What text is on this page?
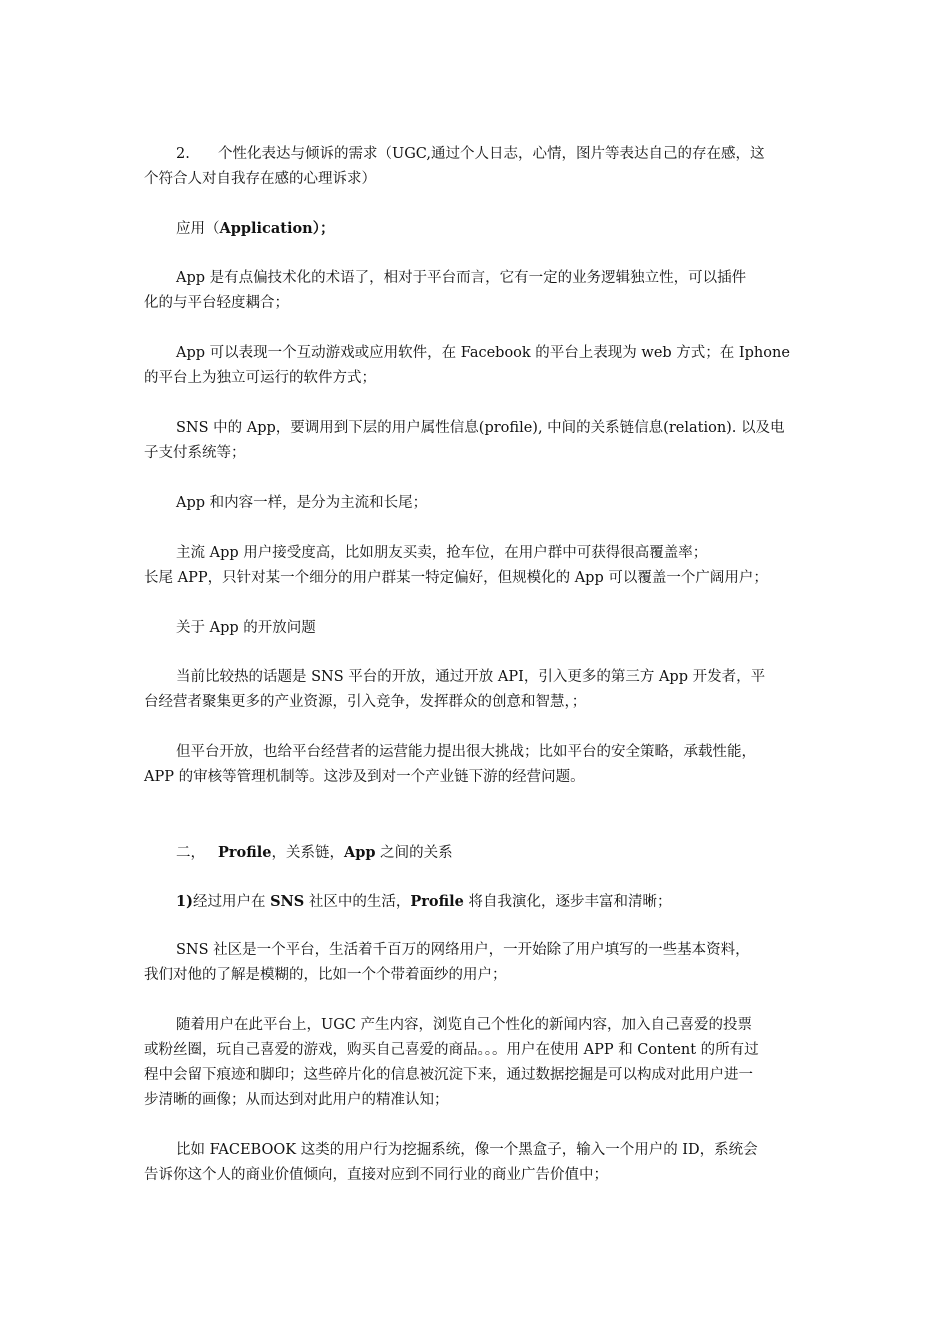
2. 个性化表达与倾诉的需求（UGC,通过个人日志，心情，图片等表达自己的存在感，这
个符合人对自我存在感的心理诉求）
应用（Application）；
App 是有点偏技术化的术语了，相对于平台而言，它有一定的业务逻辑独立性，可以插件
化的与平台轻度耦合；
App 可以表现一个互动游戏或应用软件，在 Facebook 的平台上表现为 web 方式；在 Iphone
的平台上为独立可运行的软件方式；
SNS 中的 App，要调用到下层的用户属性信息(profile), 中间的关系链信息(relation). 以及电
子支付系统等；
App 和内容一样，是分为主流和长尾；
主流 App 用户接受度高，比如朋友买卖，抢车位，在用户群中可获得很高覆盖率；
长尾 APP，只针对某一个细分的用户群某一特定偏好，但规模化的 App 可以覆盖一个广阔用户；
关于 App 的开放问题
当前比较热的话题是 SNS 平台的开放，通过开放 API，引入更多的第三方 App 开发者，平
台经营者聚集更多的产业资源，引入竞争，发挥群众的创意和智慧，；
但平台开放，也给平台经营者的运营能力提出很大挑战；比如平台的安全策略，承载性能，
APP 的审核等管理机制等。这涉及到对一个产业链下游的经营问题。
二， Profile，关系链，App 之间的关系
1)经过用户在 SNS 社区中的生活，Profile 将自我演化，逐步丰富和清晰；
SNS 社区是一个平台，生活着千百万的网络用户，一开始除了用户填写的一些基本资料，
我们对他的了解是模糊的，比如一个个带着面纱的用户；
随着用户在此平台上，UGC 产生内容，浏览自己个性化的新闻内容，加入自己喜爱的投票
或粉丝圈，玩自己喜爱的游戏，购买自己喜爱的商品。。。用户在使用 APP 和 Content 的所有过
程中会留下痕迹和脚印；这些碎片化的信息被沉淀下来，通过数据挖掘是可以构成对此用户进一
步清晰的画像；从而达到对此用户的精准认知；
比如 FACEBOOK 这类的用户行为挖掘系统，像一个黑盒子，输入一个用户的 ID，系统会
告诉你这个人的商业价值倾向，直接对应到不同行业的商业广告价值中；
